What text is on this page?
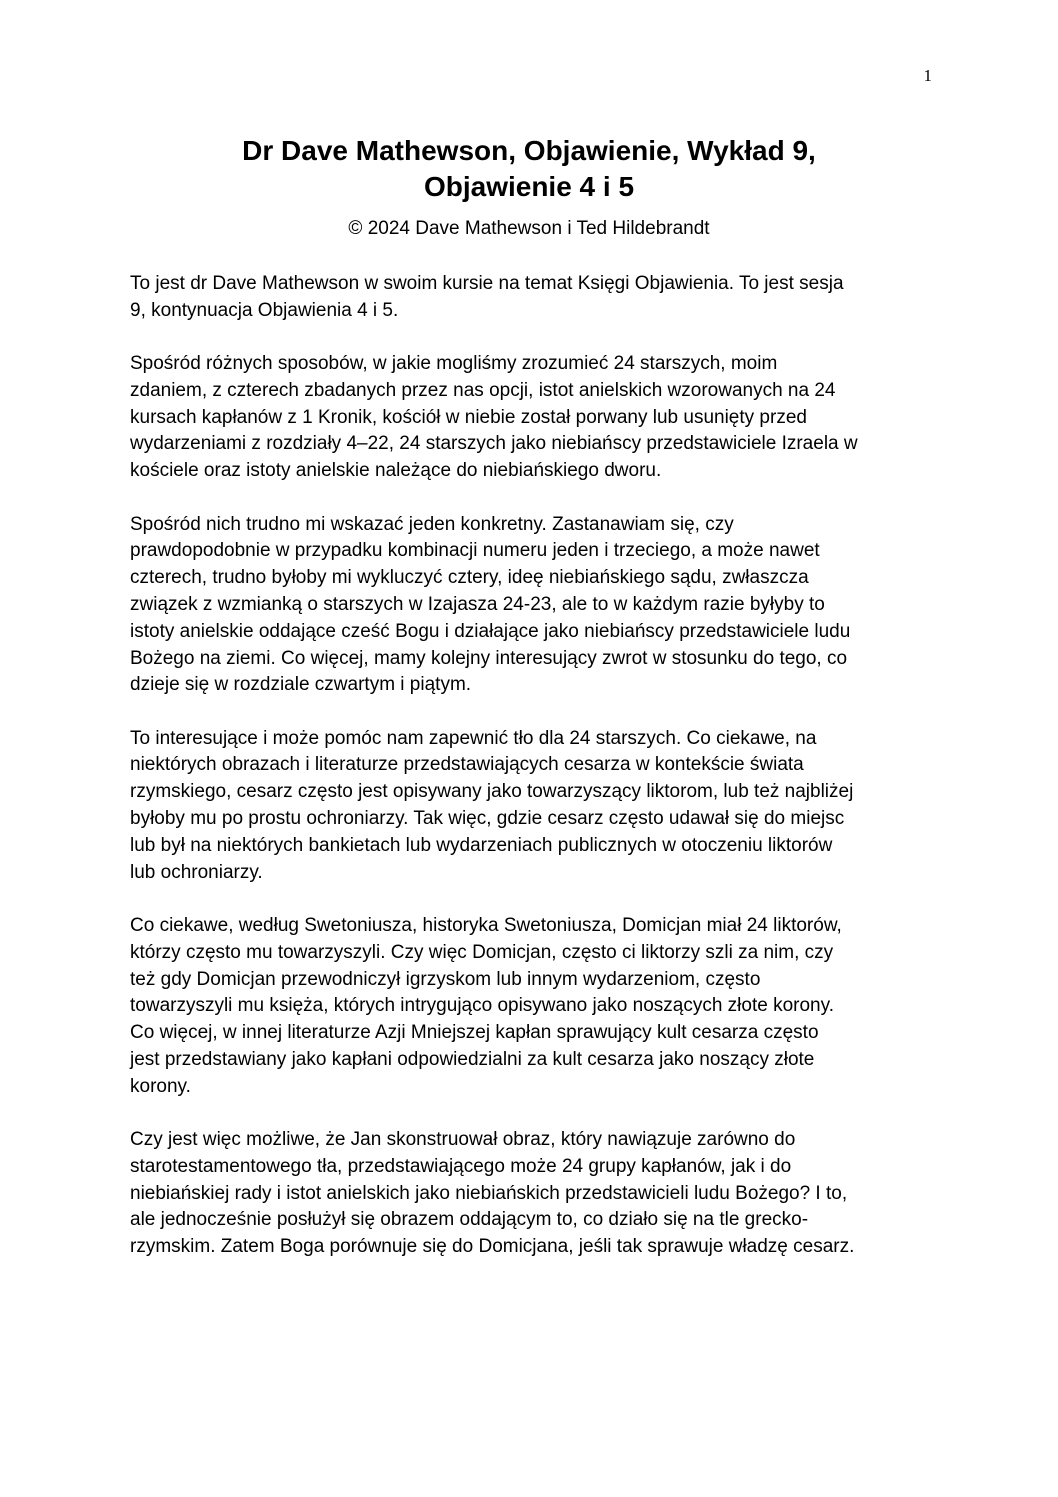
1
Dr Dave Mathewson, Objawienie, Wykład 9,
Objawienie 4 i 5
© 2024 Dave Mathewson i Ted Hildebrandt

To jest dr Dave Mathewson w swoim kursie na temat Księgi Objawienia. To jest sesja
9, kontynuacja Objawienia 4 i 5.

Spośród różnych sposobów, w jakie mogliśmy zrozumieć 24 starszych, moim
zdaniem, z czterech zbadanych przez nas opcji, istot anielskich wzorowanych na 24
kursach kapłanów z 1 Kronik, kościół w niebie został porwany lub usunięty przed
wydarzeniami z rozdziały 4–22, 24 starszych jako niebiańscy przedstawiciele Izraela w
kościele oraz istoty anielskie należące do niebiańskiego dworu.

Spośród nich trudno mi wskazać jeden konkretny. Zastanawiam się, czy
prawdopodobnie w przypadku kombinacji numeru jeden i trzeciego, a może nawet
czterech, trudno byłoby mi wykluczyć cztery, ideę niebiańskiego sądu, zwłaszcza
związek z wzmianką o starszych w Izajasza 24-23, ale to w każdym razie byłyby to
istoty anielskie oddające cześć Bogu i działające jako niebiańscy przedstawiciele ludu
Bożego na ziemi. Co więcej, mamy kolejny interesujący zwrot w stosunku do tego, co
dzieje się w rozdziale czwartym i piątym.

To interesujące i może pomóc nam zapewnić tło dla 24 starszych. Co ciekawe, na
niektórych obrazach i literaturze przedstawiających cesarza w kontekście świata
rzymskiego, cesarz często jest opisywany jako towarzyszący liktorom, lub też najbliżej
byłoby mu po prostu ochroniarzy. Tak więc, gdzie cesarz często udawał się do miejsc
lub był na niektórych bankietach lub wydarzeniach publicznych w otoczeniu liktorów
lub ochroniarzy.

Co ciekawe, według Swetoniusza, historyka Swetoniusza, Domicjan miał 24 liktorów,
którzy często mu towarzyszyli. Czy więc Domicjan, często ci liktorzy szli za nim, czy
też gdy Domicjan przewodniczył igrzyskom lub innym wydarzeniom, często
towarzyszyli mu księża, których intrygująco opisywano jako noszących złote korony.
Co więcej, w innej literaturze Azji Mniejszej kapłan sprawujący kult cesarza często
jest przedstawiany jako kapłani odpowiedzialni za kult cesarza jako noszący złote
korony.

Czy jest więc możliwe, że Jan skonstruował obraz, który nawiązuje zarówno do
starotestamentowego tła, przedstawiającego może 24 grupy kapłanów, jak i do
niebiańskiej rady i istot anielskich jako niebiańskich przedstawicieli ludu Bożego? I to,
ale jednocześnie posłużył się obrazem oddającym to, co działo się na tle grecko-
rzymskim. Zatem Boga porównuje się do Domicjana, jeśli tak sprawuje władzę cesarz.
